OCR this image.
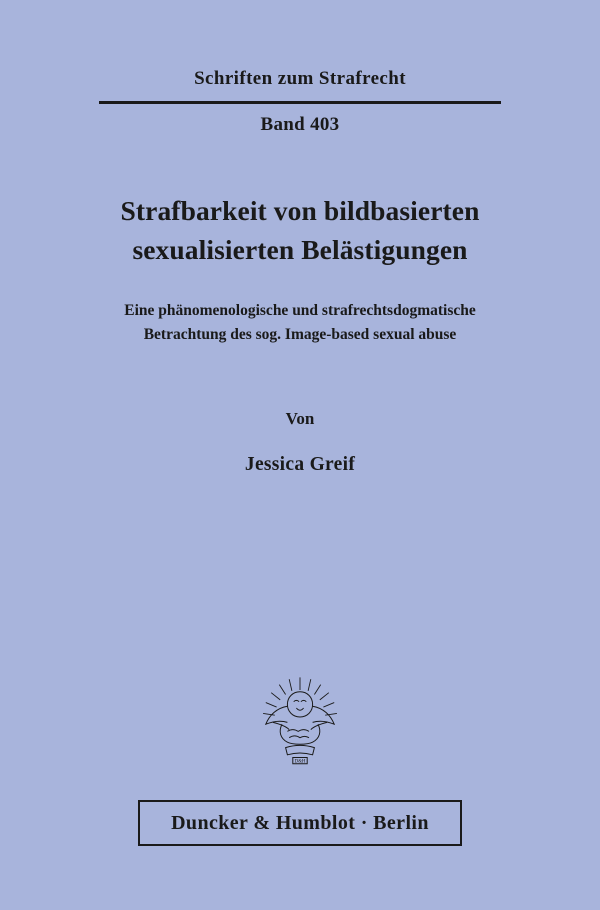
Schriften zum Strafrecht
Band 403
Strafbarkeit von bildbasierten
sexualisierten Belästigungen
Eine phänomenologische und strafrechtsdogmatische
Betrachtung des sog. Image-based sexual abuse
Von
Jessica Greif
D&H
Duncker & Humblot · Berlin
